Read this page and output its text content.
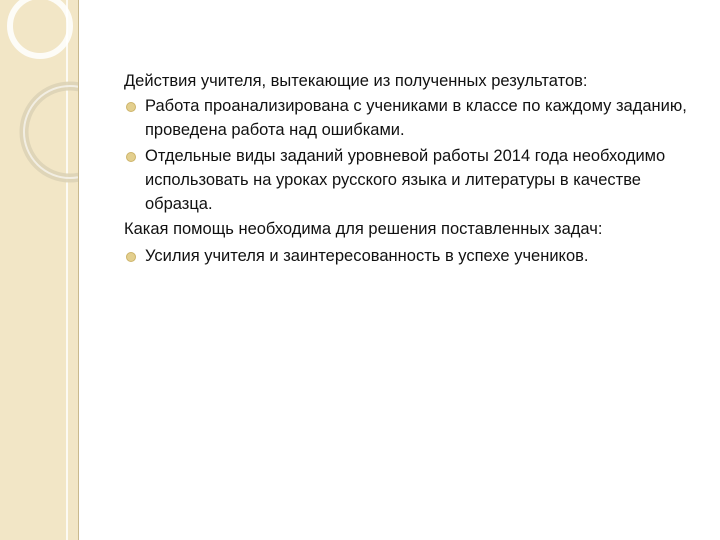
Действия учителя, вытекающие из полученных результатов:

Работа проанализирована с учениками в классе по каждому заданию, проведена работа над ошибками.
Отдельные виды заданий уровневой работы 2014 года необходимо использовать на уроках русского языка и литературы в качестве образца.

Какая помощь необходима для решения поставленных задач:

Усилия учителя и заинтересованность в успехе учеников.
